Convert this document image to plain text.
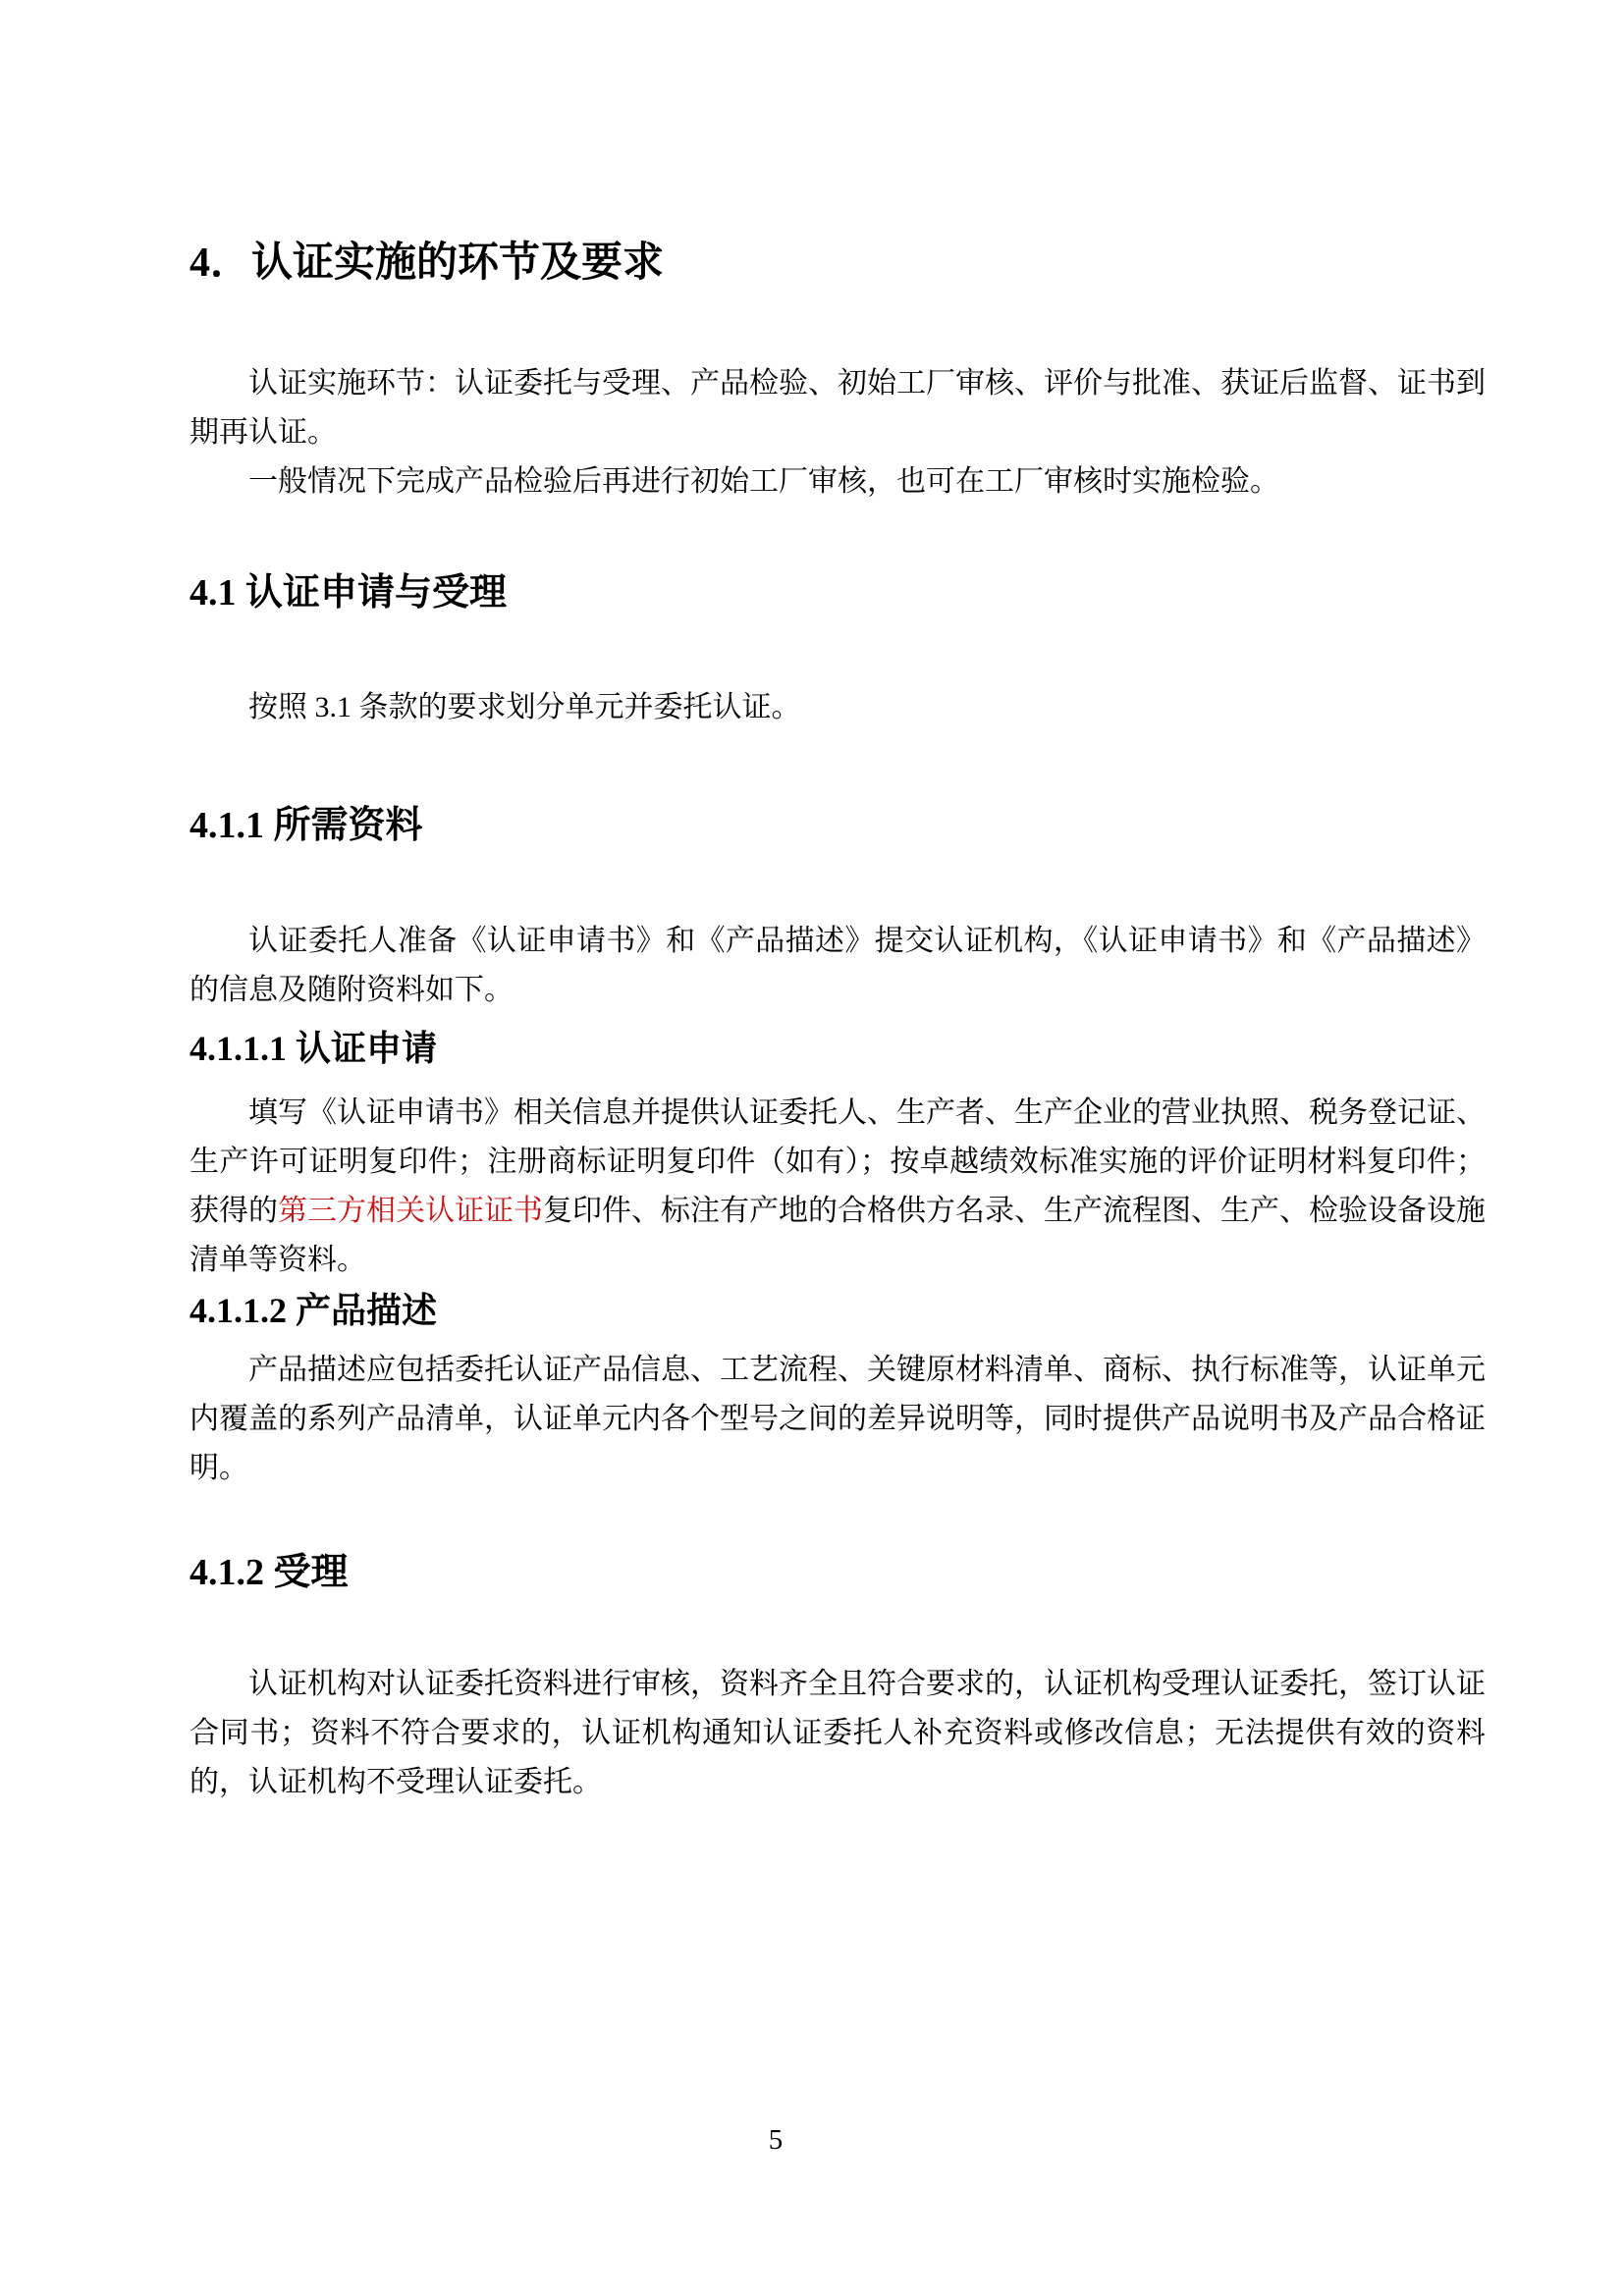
4．认证实施的环节及要求

认证实施环节：认证委托与受理、产品检验、初始工厂审核、评价与批准、获证后监督、证书到期再认证。

一般情况下完成产品检验后再进行初始工厂审核，也可在工厂审核时实施检验。

4.1 认证申请与受理

按照 3.1 条款的要求划分单元并委托认证。

4.1.1 所需资料

认证委托人准备《认证申请书》和《产品描述》提交认证机构，《认证申请书》和《产品描述》的信息及随附资料如下。

4.1.1.1 认证申请

填写《认证申请书》相关信息并提供认证委托人、生产者、生产企业的营业执照、税务登记证、生产许可证明复印件；注册商标证明复印件（如有）；按卓越绩效标准实施的评价证明材料复印件；获得的第三方相关认证证书复印件、标注有产地的合格供方名录、生产流程图、生产、检验设备设施清单等资料。

4.1.1.2 产品描述

产品描述应包括委托认证产品信息、工艺流程、关键原材料清单、商标、执行标准等，认证单元内覆盖的系列产品清单，认证单元内各个型号之间的差异说明等，同时提供产品说明书及产品合格证明。

4.1.2 受理

认证机构对认证委托资料进行审核，资料齐全且符合要求的，认证机构受理认证委托，签订认证合同书；资料不符合要求的，认证机构通知认证委托人补充资料或修改信息；无法提供有效的资料的，认证机构不受理认证委托。

5
